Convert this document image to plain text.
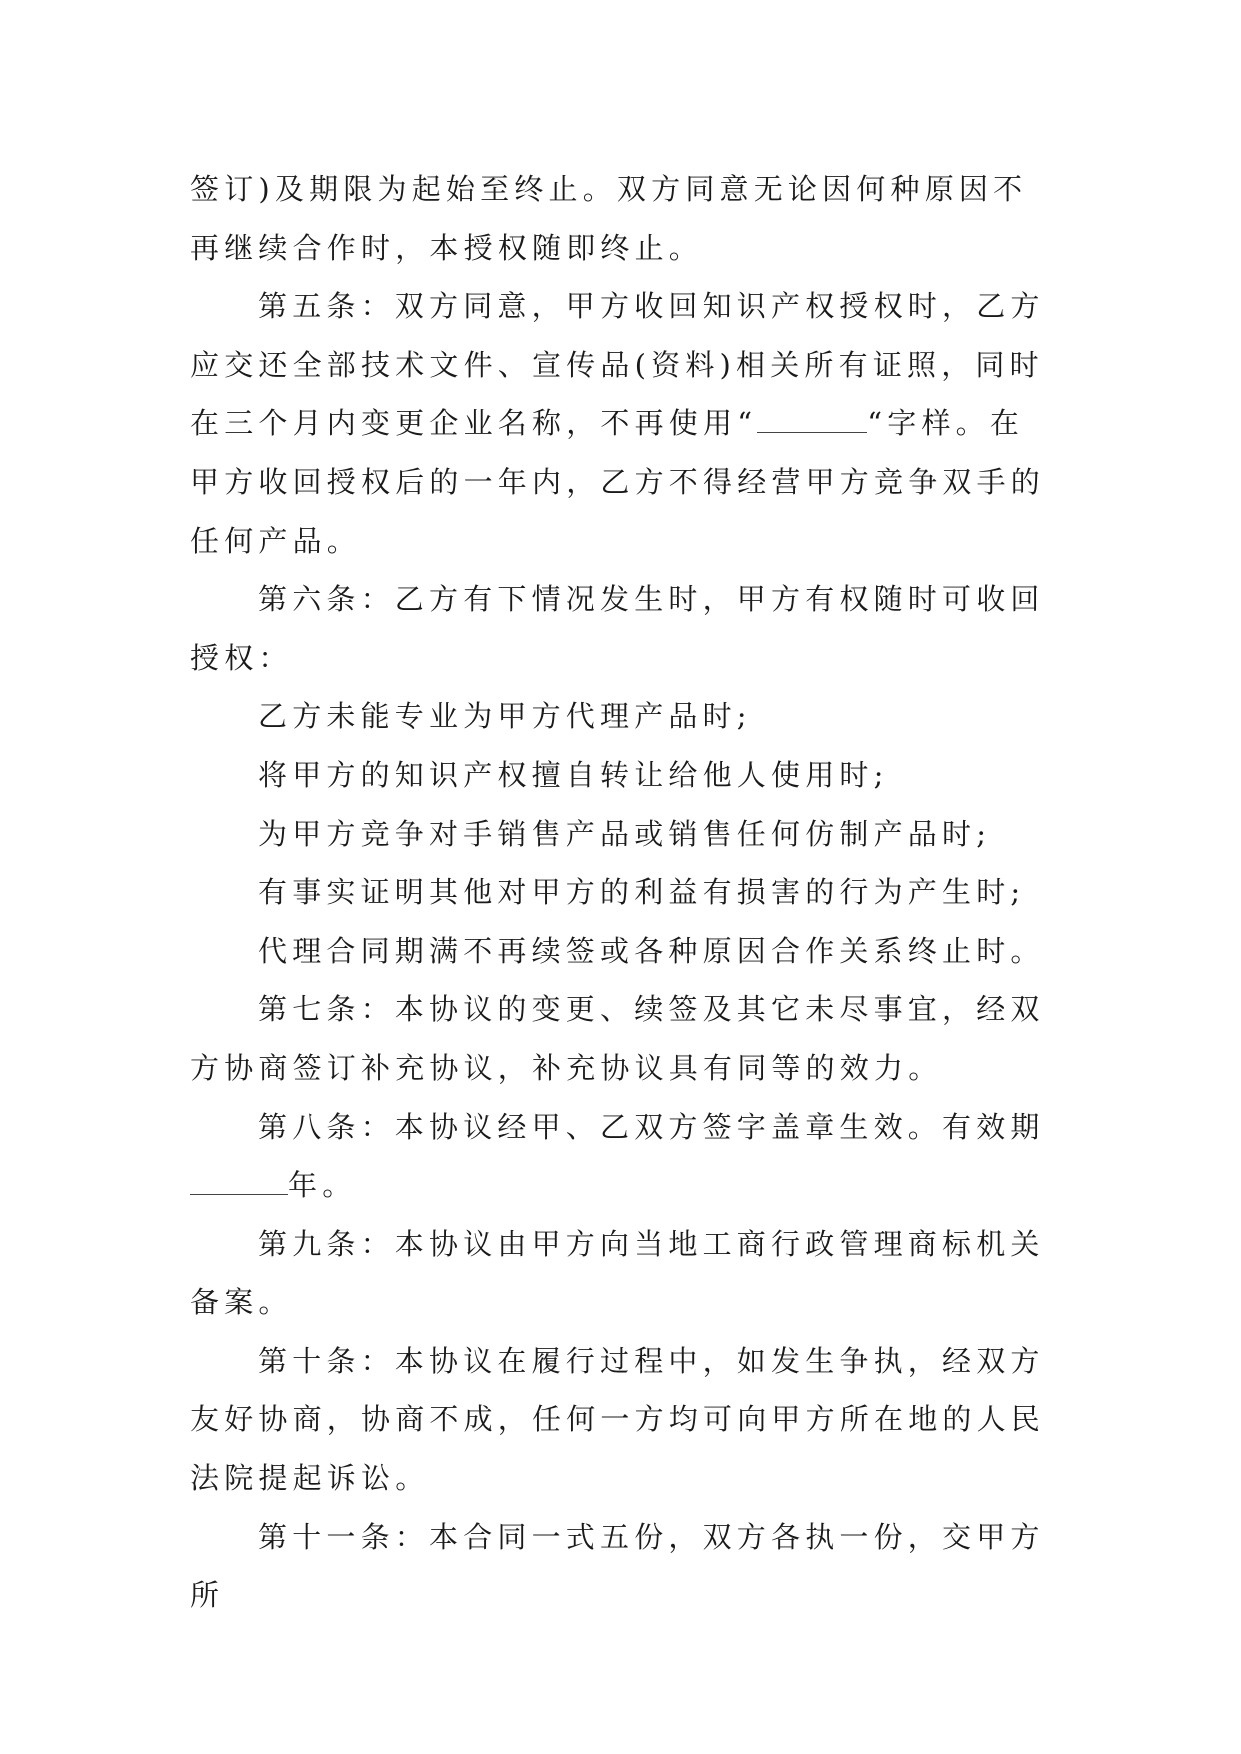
签订)及期限为起始至终止。双方同意无论因何种原因不再继续合作时，本授权随即终止。

第五条：双方同意，甲方收回知识产权授权时，乙方应交还全部技术文件、宣传品(资料)相关所有证照，同时在三个月内变更企业名称，不再使用“	“字样。在甲方收回授权后的一年内，乙方不得经营甲方竞争双手的任何产品。

第六条：乙方有下情况发生时，甲方有权随时可收回授权：

乙方未能专业为甲方代理产品时;

将甲方的知识产权擅自转让给他人使用时;

为甲方竞争对手销售产品或销售任何仿制产品时;

有事实证明其他对甲方的利益有损害的行为产生时;

代理合同期满不再续签或各种原因合作关系终止时。

第七条：本协议的变更、续签及其它未尽事宜，经双方协商签订补充协议，补充协议具有同等的效力。

第八条：本协议经甲、乙双方签字盖章生效。有效期年。

第九条：本协议由甲方向当地工商行政管理商标机关备案。

第十条：本协议在履行过程中，如发生争执，经双方友好协商，协商不成，任何一方均可向甲方所在地的人民法院提起诉讼。

第十一条：本合同一式五份，双方各执一份，交甲方所
